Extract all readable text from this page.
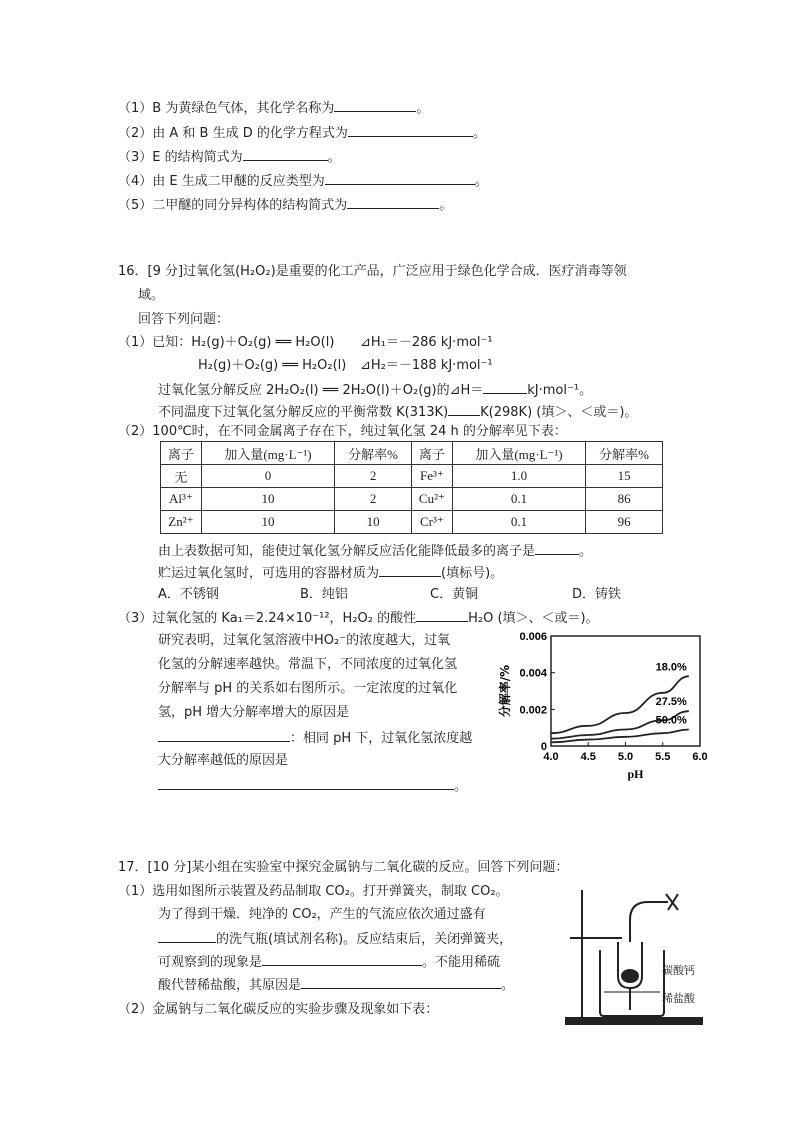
（1）B 为黄绿色气体，其化学名称为	。
（2）由 A 和 B 生成 D 的化学方程式为	。
（3）E 的结构简式为	。
（4）由 E 生成二甲醚的反应类型为	。
（5）二甲醚的同分异构体的结构简式为	。
16．[9 分]过氧化氢(H₂O₂)是重要的化工产品，广泛应用于绿色化学合成．医疗消毒等领
域。
回答下列问题：
（1）已知：H₂(g)＋O₂(g) ══ H₂O(l) ⊿H₁＝－286 kJ·mol⁻¹
H₂(g)＋O₂(g) ══ H₂O₂(l) ⊿H₂＝－188 kJ·mol⁻¹
过氧化氢分解反应 2H₂O₂(l) ══ 2H₂O(l)＋O₂(g)的⊿H＝	kJ·mol⁻¹。
不同温度下过氧化氢分解反应的平衡常数 K(313K) K(298K) (填＞、＜或＝)。
（2）100℃时，在不同金属离子存在下，纯过氧化氢 24 h 的分解率见下表：
离子	加入量(mg·L⁻¹)	分解率%	离子	加入量(mg·L⁻¹)	分解率%
无	0	2	Fe³⁺	1.0	15
Al³⁺	10	2	Cu²⁺	0.1	86
Zn²⁺	10	10	Cr³⁺	0.1	96
由上表数据可知，能使过氧化氢分解反应活化能降低最多的离子是	。
贮运过氧化氢时，可选用的容器材质为	(填标号)。
A．不锈钢	B．纯铝	C．黄铜	D．铸铁
（3）过氧化氢的 Ka₁＝2.24×10⁻¹²，H₂O₂ 的酸性	H₂O (填＞、＜或＝)。
研究表明，过氧化氢溶液中HO₂⁻的浓度越大，过氧
化氢的分解速率越快。常温下，不同浓度的过氧化氢
分解率与 pH 的关系如右图所示。一定浓度的过氧化
氢，pH 增大分解率增大的原因是
：相同 pH 下，过氧化氢浓度越
大分解率越低的原因是
。
4.0 4.5 5.0 5.5 6.0
0
0.002
0.004
0.006
pH
分解率/%	18.0%
27.5%
50.0%
17．[10 分]某小组在实验室中探究金属钠与二氧化碳的反应。回答下列问题：
（1）选用如图所示装置及药品制取 CO₂。打开弹簧夹，制取 CO₂。
为了得到干燥．纯净的 CO₂，产生的气流应依次通过盛有
的洗气瓶(填试剂名称)。反应结束后，关闭弹簧夹，
可观察到的现象是	。不能用稀硫
酸代替稀盐酸，其原因是	。
（2）金属钠与二氧化碳反应的实验步骤及现象如下表：
碳酸钙
稀盐酸
